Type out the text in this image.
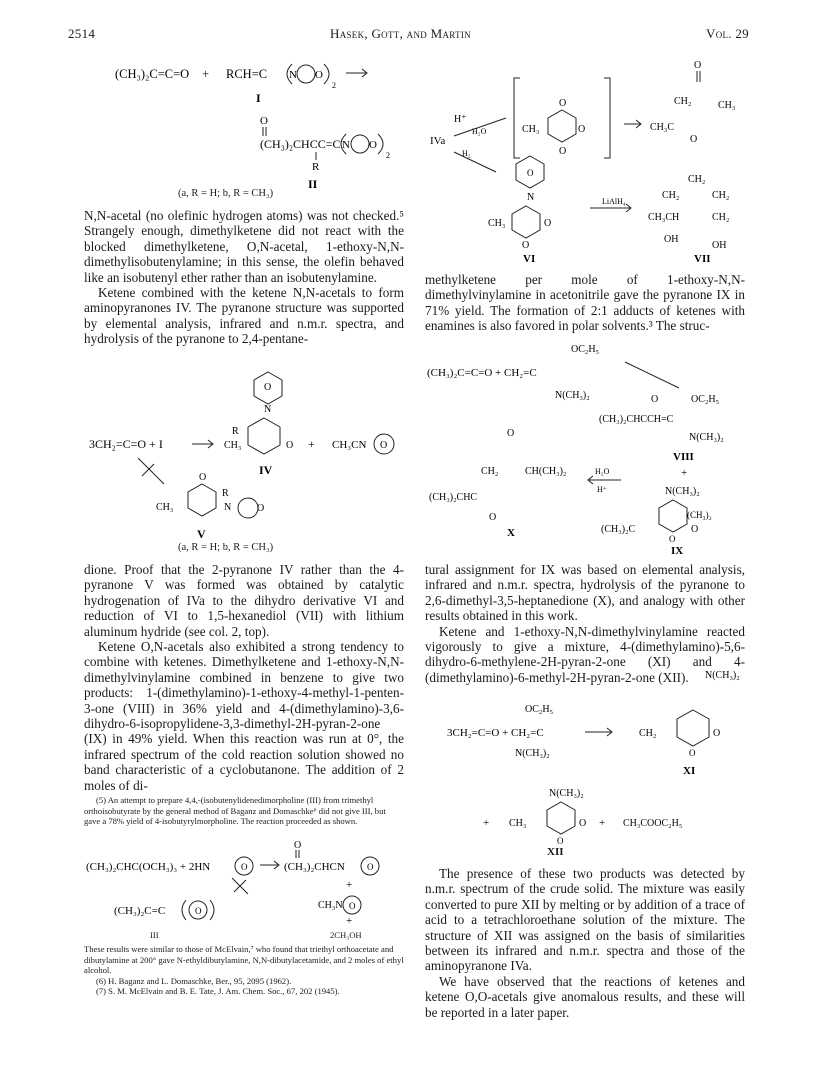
2514	Hasek, Gott, and Martin	Vol. 29
(CH₃)₂C=C=O + RCH=C N O
2
I
O
(CH₃)₂CHCC=C N O
2
R
II
(a, R = H; b, R = CH₃)

N,N-acetal (no olefinic hydrogen atoms) was not checked.⁵ Strangely enough, dimethylketene did not react with the blocked dimethylketene, O,N-acetal, 1-ethoxy-N,N-dimethylisobutenylamine; in this sense, the olefin behaved like an isobutenyl ether rather than an isobutenylamine.

Ketene combined with the ketene N,N-acetals to form aminopyranones IV. The pyranone structure was supported by elemental analysis, infrared and n.m.r. spectra, and hydrolysis of the pyranone to 2,4-pentane-

O
N
R
CH₃	O
3CH₂=C=O + I	+ CH₃CN O
IV
O
R
CH₃	N	O
V
(a, R = H; b, R = CH₃)

dione. Proof that the 2-pyranone IV rather than the 4-pyranone V was formed was obtained by catalytic hydrogenation of IVa to the dihydro derivative VI and reduction of VI to 1,5-hexanediol (VII) with lithium aluminum hydride (see col. 2, top).

Ketene O,N-acetals also exhibited a strong tendency to combine with ketenes. Dimethylketene and 1-ethoxy-N,N-dimethylvinylamine combined in benzene to give two products: 1-(dimethylamino)-1-ethoxy-4-methyl-1-penten-3-one (VIII) in 36% yield and 4-(dimethylamino)-3,6-dihydro-6-isopropylidene-3,3-dimethyl-2H-pyran-2-one (IX) in 49% yield. When this reaction was run at 0°, the infrared spectrum of the cold reaction solution showed no band characteristic of a cyclobutanone. The addition of 2 moles of di-

(5) An attempt to prepare 4,4,-(isobutenylidenedimorpholine (III) from trimethyl orthoisobutyrate by the general method of Baganz and Domaschke⁶ did not give III, but gave a 78% yield of 4-isobutyrylmorpholine. The reaction proceeded as shown.

O
(CH₃)₂CHC(OCH₃)₃ + 2HN	O	(CH₃)₂CHCN O
+
(CH₃)₂C=C	O	CH₃N O
+
III	2CH₃OH

These results were similar to those of McElvain,⁷ who found that triethyl orthoacetate and dibutylamine at 200° gave N-ethyldibutylamine, N,N-dibutylacetamide, and 2 moles of ethyl alcohol.

(6) H. Baganz and L. Domaschke, Ber., 95, 2095 (1962).

(7) S. M. McElvain and B. E. Tate, J. Am. Chem. Soc., 67, 202 (1945).

H⁺
H₂O
IVa
CH₃
O
O
O
O
CH₂	CH₃
CH₃C
O
H₂
O
N
CH₃	O
O
VI
LiAlH₄
CH₂
CH₂	CH₂
CH₃CH	CH₂
OH
OH
VII

methylketene per mole of 1-ethoxy-N,N-dimethylvinylamine in acetonitrile gave the pyranone IX in 71% yield. The formation of 2:1 adducts of ketenes with enamines is also favored in polar solvents.³ The struc-

OC₂H₅
(CH₃)₂C=C=O + CH₂=C
N(CH₃)₂	O	OC₂H₅
(CH₃)₂CHCCH=C
N(CH₃)₂
VIII
+
O
CH₂	CH(CH₃)₂	H₂O
H⁺	N(CH₃)₂
(CH₃)₂CHC
O	(CH₃)₂
(CH₃)₂C	O
O
X
IX

tural assignment for IX was based on elemental analysis, infrared and n.m.r. spectra, hydrolysis of the pyranone to 2,6-dimethyl-3,5-heptanedione (X), and analogy with other results obtained in this work.

Ketene and 1-ethoxy-N,N-dimethylvinylamine reacted vigorously to give a mixture, 4-(dimethylamino)-5,6-dihydro-6-methylene-2H-pyran-2-one (XI) and 4-(dimethylamino)-6-methyl-2H-pyran-2-one (XII).	N(CH₃)₂
OC₂H₅
3CH₂=C=O + CH₂=C	CH₂	O
O
N(CH₃)₂
XI
N(CH₃)₂
+ CH₃	O
O
+ CH₃COOC₂H₅
XII

The presence of these two products was detected by n.m.r. spectrum of the crude solid. The mixture was easily converted to pure XII by melting or by addition of a trace of acid to a tetrachloroethane solution of the mixture. The structure of XII was assigned on the basis of similarities between its infrared and n.m.r. spectra and those of the aminopyranone IVa.

We have observed that the reactions of ketenes and ketene O,O-acetals give anomalous results, and these will be reported in a later paper.
